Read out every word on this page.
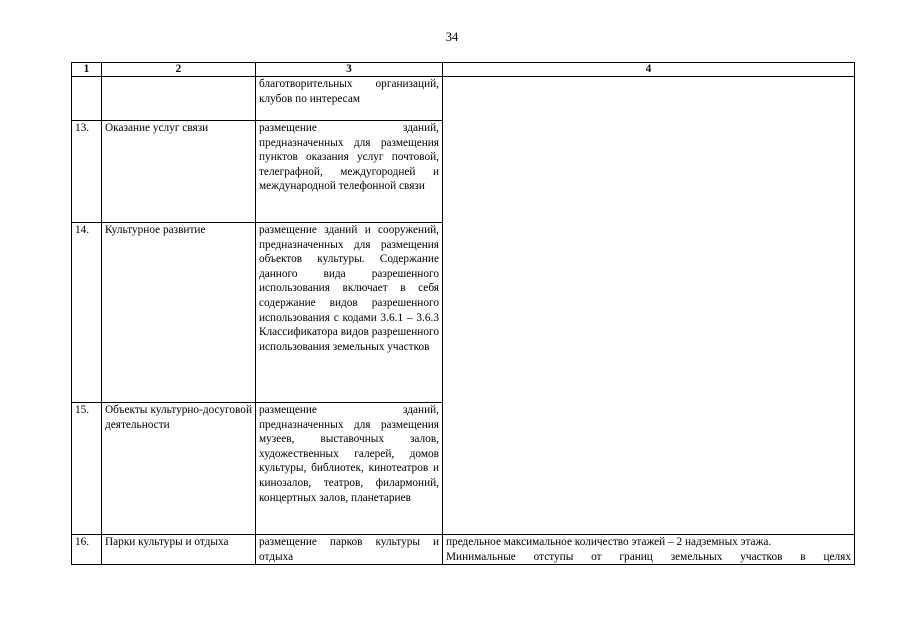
34
1	2	3	4
		благотворительных организаций, клубов по интересам	
13.	Оказание услуг связи	размещение зданий, предназначенных для размещения пунктов оказания услуг почтовой, телеграфной, междугородней и международной телефонной связи	
14.	Культурное развитие	размещение зданий и сооружений, предназначенных для размещения объектов культуры. Содержание данного вида разрешенного использования включает в себя содержание видов разрешенного использования с кодами 3.6.1 – 3.6.3 Классификатора видов разрешенного использования земельных участков	
15.	Объекты культурно-досуговой деятельности	размещение зданий, предназначенных для размещения музеев, выставочных залов, художественных галерей, домов культуры, библиотек, кинотеатров и кинозалов, театров, филармоний, концертных залов, планетариев	
16.	Парки культуры и отдыха	размещение парков культуры и отдыха	предельное максимальное количество этажей – 2 надземных этажа.
Минимальные отступы от границ земельных участков в целях
